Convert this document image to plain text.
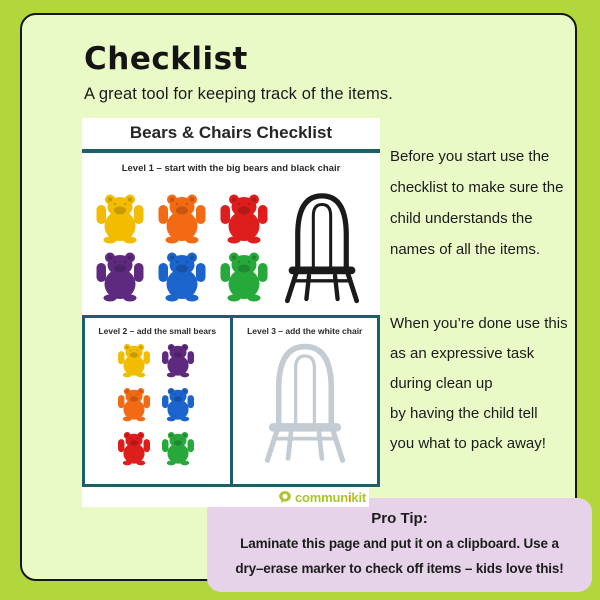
Checklist

A great tool for keeping track of the items.

Pro Tip:
Laminate this page and put it on a clipboard. Use a
dry–erase marker to check off items – kids love this!
Bears & Chairs Checklist
Level 1 – start with the big bears and black chair
Level 2 – add the small bears	Level 3 – add the white chair
communikit
Before you start use the
checklist to make sure the
child understands the
names of all the items.
When you’re done use this
as an expressive task
during clean up
by having the child tell
you what to pack away!
